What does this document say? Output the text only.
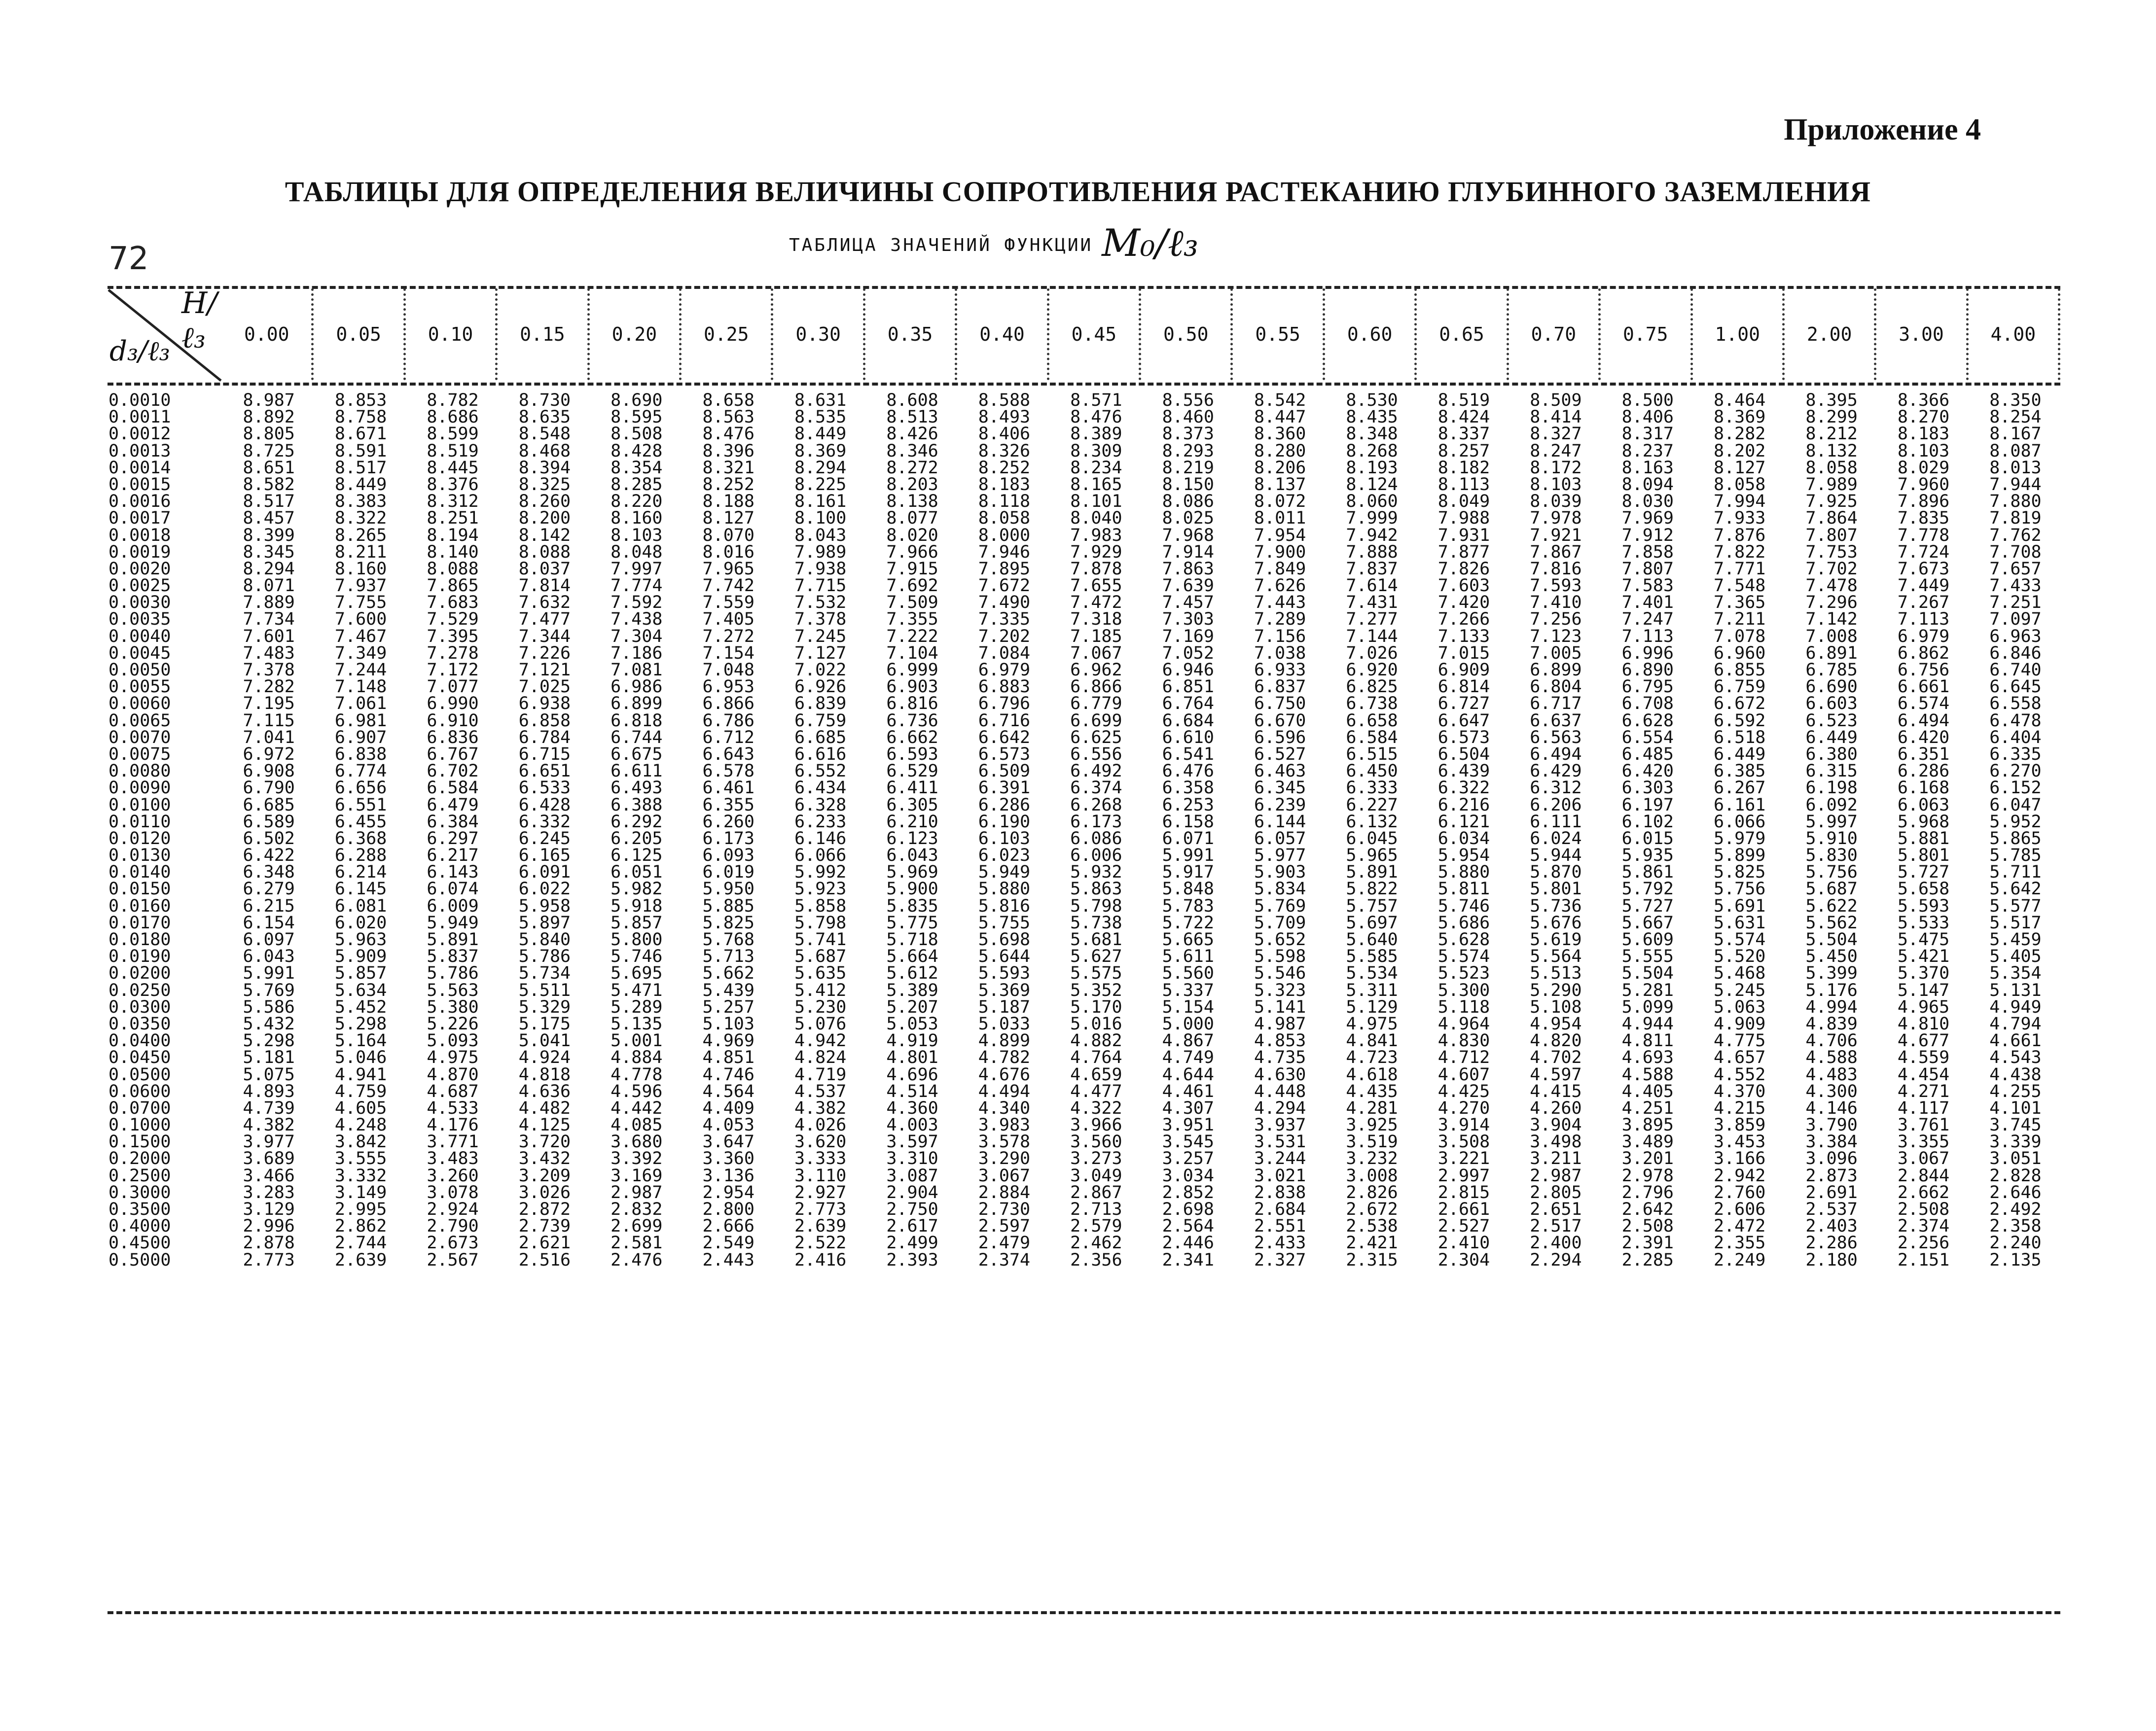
Приложение 4
ТАБЛИЦЫ ДЛЯ ОПРЕДЕЛЕНИЯ ВЕЛИЧИНЫ СОПРОТИВЛЕНИЯ РАСТЕКАНИЮ ГЛУБИННОГО ЗАЗЕМЛЕНИЯ
ТАБЛИЦА ЗНАЧЕНИЙ ФУНКЦИИ M₀/ℓ₃
72
H/ℓ₃
d₃/ℓ₃
0.00	0.05	0.10	0.15	0.20	0.25	0.30	0.35	0.40	0.45	0.50	0.55	0.60	0.65	0.70	0.75	1.00	2.00	3.00	4.00
0.0010	8.987	8.853	8.782	8.730	8.690	8.658	8.631	8.608	8.588	8.571	8.556	8.542	8.530	8.519	8.509	8.500	8.464	8.395	8.366	8.350
0.0011	8.892	8.758	8.686	8.635	8.595	8.563	8.535	8.513	8.493	8.476	8.460	8.447	8.435	8.424	8.414	8.406	8.369	8.299	8.270	8.254
0.0012	8.805	8.671	8.599	8.548	8.508	8.476	8.449	8.426	8.406	8.389	8.373	8.360	8.348	8.337	8.327	8.317	8.282	8.212	8.183	8.167
0.0013	8.725	8.591	8.519	8.468	8.428	8.396	8.369	8.346	8.326	8.309	8.293	8.280	8.268	8.257	8.247	8.237	8.202	8.132	8.103	8.087
0.0014	8.651	8.517	8.445	8.394	8.354	8.321	8.294	8.272	8.252	8.234	8.219	8.206	8.193	8.182	8.172	8.163	8.127	8.058	8.029	8.013
0.0015	8.582	8.449	8.376	8.325	8.285	8.252	8.225	8.203	8.183	8.165	8.150	8.137	8.124	8.113	8.103	8.094	8.058	7.989	7.960	7.944
0.0016	8.517	8.383	8.312	8.260	8.220	8.188	8.161	8.138	8.118	8.101	8.086	8.072	8.060	8.049	8.039	8.030	7.994	7.925	7.896	7.880
0.0017	8.457	8.322	8.251	8.200	8.160	8.127	8.100	8.077	8.058	8.040	8.025	8.011	7.999	7.988	7.978	7.969	7.933	7.864	7.835	7.819
0.0018	8.399	8.265	8.194	8.142	8.103	8.070	8.043	8.020	8.000	7.983	7.968	7.954	7.942	7.931	7.921	7.912	7.876	7.807	7.778	7.762
0.0019	8.345	8.211	8.140	8.088	8.048	8.016	7.989	7.966	7.946	7.929	7.914	7.900	7.888	7.877	7.867	7.858	7.822	7.753	7.724	7.708
0.0020	8.294	8.160	8.088	8.037	7.997	7.965	7.938	7.915	7.895	7.878	7.863	7.849	7.837	7.826	7.816	7.807	7.771	7.702	7.673	7.657
0.0025	8.071	7.937	7.865	7.814	7.774	7.742	7.715	7.692	7.672	7.655	7.639	7.626	7.614	7.603	7.593	7.583	7.548	7.478	7.449	7.433
0.0030	7.889	7.755	7.683	7.632	7.592	7.559	7.532	7.509	7.490	7.472	7.457	7.443	7.431	7.420	7.410	7.401	7.365	7.296	7.267	7.251
0.0035	7.734	7.600	7.529	7.477	7.438	7.405	7.378	7.355	7.335	7.318	7.303	7.289	7.277	7.266	7.256	7.247	7.211	7.142	7.113	7.097
0.0040	7.601	7.467	7.395	7.344	7.304	7.272	7.245	7.222	7.202	7.185	7.169	7.156	7.144	7.133	7.123	7.113	7.078	7.008	6.979	6.963
0.0045	7.483	7.349	7.278	7.226	7.186	7.154	7.127	7.104	7.084	7.067	7.052	7.038	7.026	7.015	7.005	6.996	6.960	6.891	6.862	6.846
0.0050	7.378	7.244	7.172	7.121	7.081	7.048	7.022	6.999	6.979	6.962	6.946	6.933	6.920	6.909	6.899	6.890	6.855	6.785	6.756	6.740
0.0055	7.282	7.148	7.077	7.025	6.986	6.953	6.926	6.903	6.883	6.866	6.851	6.837	6.825	6.814	6.804	6.795	6.759	6.690	6.661	6.645
0.0060	7.195	7.061	6.990	6.938	6.899	6.866	6.839	6.816	6.796	6.779	6.764	6.750	6.738	6.727	6.717	6.708	6.672	6.603	6.574	6.558
0.0065	7.115	6.981	6.910	6.858	6.818	6.786	6.759	6.736	6.716	6.699	6.684	6.670	6.658	6.647	6.637	6.628	6.592	6.523	6.494	6.478
0.0070	7.041	6.907	6.836	6.784	6.744	6.712	6.685	6.662	6.642	6.625	6.610	6.596	6.584	6.573	6.563	6.554	6.518	6.449	6.420	6.404
0.0075	6.972	6.838	6.767	6.715	6.675	6.643	6.616	6.593	6.573	6.556	6.541	6.527	6.515	6.504	6.494	6.485	6.449	6.380	6.351	6.335
0.0080	6.908	6.774	6.702	6.651	6.611	6.578	6.552	6.529	6.509	6.492	6.476	6.463	6.450	6.439	6.429	6.420	6.385	6.315	6.286	6.270
0.0090	6.790	6.656	6.584	6.533	6.493	6.461	6.434	6.411	6.391	6.374	6.358	6.345	6.333	6.322	6.312	6.303	6.267	6.198	6.168	6.152
0.0100	6.685	6.551	6.479	6.428	6.388	6.355	6.328	6.305	6.286	6.268	6.253	6.239	6.227	6.216	6.206	6.197	6.161	6.092	6.063	6.047
0.0110	6.589	6.455	6.384	6.332	6.292	6.260	6.233	6.210	6.190	6.173	6.158	6.144	6.132	6.121	6.111	6.102	6.066	5.997	5.968	5.952
0.0120	6.502	6.368	6.297	6.245	6.205	6.173	6.146	6.123	6.103	6.086	6.071	6.057	6.045	6.034	6.024	6.015	5.979	5.910	5.881	5.865
0.0130	6.422	6.288	6.217	6.165	6.125	6.093	6.066	6.043	6.023	6.006	5.991	5.977	5.965	5.954	5.944	5.935	5.899	5.830	5.801	5.785
0.0140	6.348	6.214	6.143	6.091	6.051	6.019	5.992	5.969	5.949	5.932	5.917	5.903	5.891	5.880	5.870	5.861	5.825	5.756	5.727	5.711
0.0150	6.279	6.145	6.074	6.022	5.982	5.950	5.923	5.900	5.880	5.863	5.848	5.834	5.822	5.811	5.801	5.792	5.756	5.687	5.658	5.642
0.0160	6.215	6.081	6.009	5.958	5.918	5.885	5.858	5.835	5.816	5.798	5.783	5.769	5.757	5.746	5.736	5.727	5.691	5.622	5.593	5.577
0.0170	6.154	6.020	5.949	5.897	5.857	5.825	5.798	5.775	5.755	5.738	5.722	5.709	5.697	5.686	5.676	5.667	5.631	5.562	5.533	5.517
0.0180	6.097	5.963	5.891	5.840	5.800	5.768	5.741	5.718	5.698	5.681	5.665	5.652	5.640	5.628	5.619	5.609	5.574	5.504	5.475	5.459
0.0190	6.043	5.909	5.837	5.786	5.746	5.713	5.687	5.664	5.644	5.627	5.611	5.598	5.585	5.574	5.564	5.555	5.520	5.450	5.421	5.405
0.0200	5.991	5.857	5.786	5.734	5.695	5.662	5.635	5.612	5.593	5.575	5.560	5.546	5.534	5.523	5.513	5.504	5.468	5.399	5.370	5.354
0.0250	5.769	5.634	5.563	5.511	5.471	5.439	5.412	5.389	5.369	5.352	5.337	5.323	5.311	5.300	5.290	5.281	5.245	5.176	5.147	5.131
0.0300	5.586	5.452	5.380	5.329	5.289	5.257	5.230	5.207	5.187	5.170	5.154	5.141	5.129	5.118	5.108	5.099	5.063	4.994	4.965	4.949
0.0350	5.432	5.298	5.226	5.175	5.135	5.103	5.076	5.053	5.033	5.016	5.000	4.987	4.975	4.964	4.954	4.944	4.909	4.839	4.810	4.794
0.0400	5.298	5.164	5.093	5.041	5.001	4.969	4.942	4.919	4.899	4.882	4.867	4.853	4.841	4.830	4.820	4.811	4.775	4.706	4.677	4.661
0.0450	5.181	5.046	4.975	4.924	4.884	4.851	4.824	4.801	4.782	4.764	4.749	4.735	4.723	4.712	4.702	4.693	4.657	4.588	4.559	4.543
0.0500	5.075	4.941	4.870	4.818	4.778	4.746	4.719	4.696	4.676	4.659	4.644	4.630	4.618	4.607	4.597	4.588	4.552	4.483	4.454	4.438
0.0600	4.893	4.759	4.687	4.636	4.596	4.564	4.537	4.514	4.494	4.477	4.461	4.448	4.435	4.425	4.415	4.405	4.370	4.300	4.271	4.255
0.0700	4.739	4.605	4.533	4.482	4.442	4.409	4.382	4.360	4.340	4.322	4.307	4.294	4.281	4.270	4.260	4.251	4.215	4.146	4.117	4.101
0.1000	4.382	4.248	4.176	4.125	4.085	4.053	4.026	4.003	3.983	3.966	3.951	3.937	3.925	3.914	3.904	3.895	3.859	3.790	3.761	3.745
0.1500	3.977	3.842	3.771	3.720	3.680	3.647	3.620	3.597	3.578	3.560	3.545	3.531	3.519	3.508	3.498	3.489	3.453	3.384	3.355	3.339
0.2000	3.689	3.555	3.483	3.432	3.392	3.360	3.333	3.310	3.290	3.273	3.257	3.244	3.232	3.221	3.211	3.201	3.166	3.096	3.067	3.051
0.2500	3.466	3.332	3.260	3.209	3.169	3.136	3.110	3.087	3.067	3.049	3.034	3.021	3.008	2.997	2.987	2.978	2.942	2.873	2.844	2.828
0.3000	3.283	3.149	3.078	3.026	2.987	2.954	2.927	2.904	2.884	2.867	2.852	2.838	2.826	2.815	2.805	2.796	2.760	2.691	2.662	2.646
0.3500	3.129	2.995	2.924	2.872	2.832	2.800	2.773	2.750	2.730	2.713	2.698	2.684	2.672	2.661	2.651	2.642	2.606	2.537	2.508	2.492
0.4000	2.996	2.862	2.790	2.739	2.699	2.666	2.639	2.617	2.597	2.579	2.564	2.551	2.538	2.527	2.517	2.508	2.472	2.403	2.374	2.358
0.4500	2.878	2.744	2.673	2.621	2.581	2.549	2.522	2.499	2.479	2.462	2.446	2.433	2.421	2.410	2.400	2.391	2.355	2.286	2.256	2.240
0.5000	2.773	2.639	2.567	2.516	2.476	2.443	2.416	2.393	2.374	2.356	2.341	2.327	2.315	2.304	2.294	2.285	2.249	2.180	2.151	2.135
